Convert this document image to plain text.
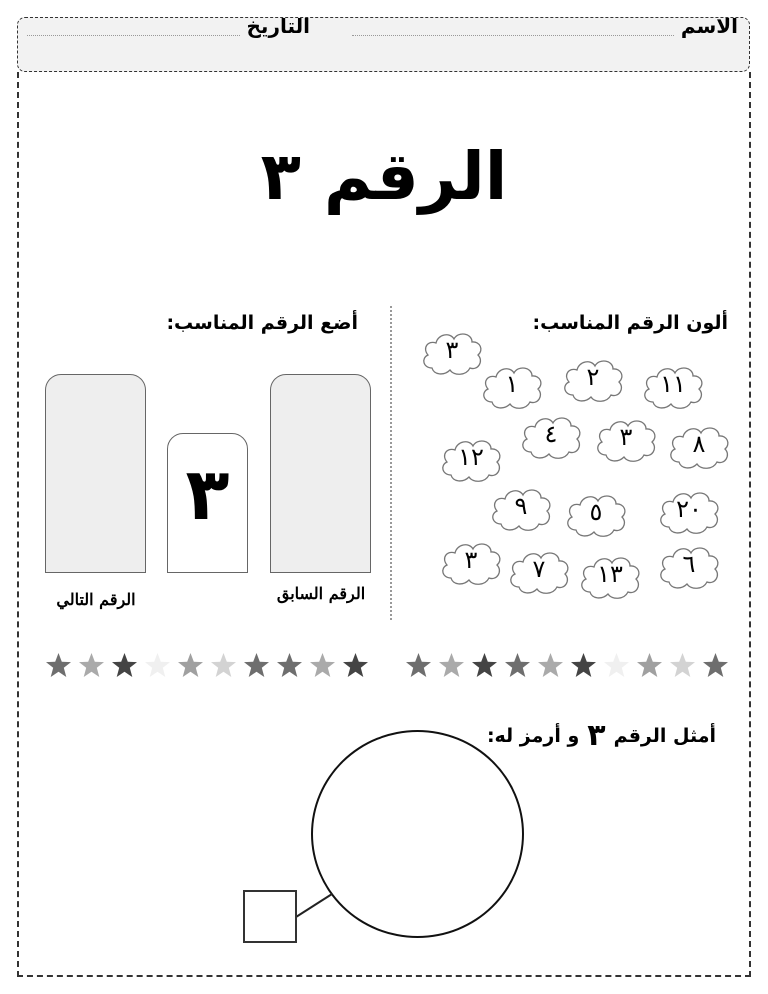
الاسم
التاريخ
الرقم ٣
ألون الرقم المناسب:
٣
١	٢	١١
٤	٣	٨
١٢
٩	٥	٢٠
٣	٧	١٣	٦
أضع الرقم المناسب:
٣
الرقم السابق
الرقم التالي
أمثل الرقم
٣
و أرمز له:
